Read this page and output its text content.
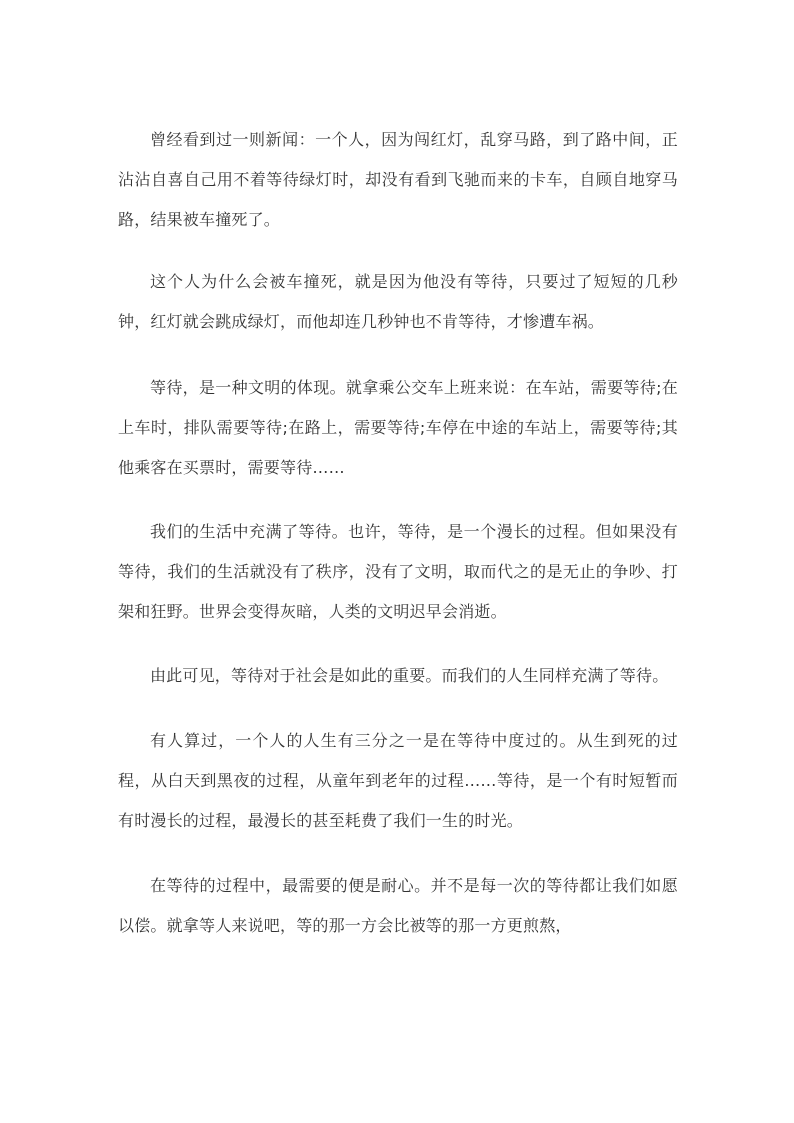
曾经看到过一则新闻：一个人，因为闯红灯，乱穿马路，到了路中间，正沾沾自喜自己用不着等待绿灯时，却没有看到飞驰而来的卡车，自顾自地穿马路，结果被车撞死了。

这个人为什么会被车撞死，就是因为他没有等待，只要过了短短的几秒钟，红灯就会跳成绿灯，而他却连几秒钟也不肯等待，才惨遭车祸。

等待，是一种文明的体现。就拿乘公交车上班来说：在车站，需要等待;在上车时，排队需要等待;在路上，需要等待;车停在中途的车站上，需要等待;其他乘客在买票时，需要等待……

我们的生活中充满了等待。也许，等待，是一个漫长的过程。但如果没有等待，我们的生活就没有了秩序，没有了文明，取而代之的是无止的争吵、打架和狂野。世界会变得灰暗，人类的文明迟早会消逝。

由此可见，等待对于社会是如此的重要。而我们的人生同样充满了等待。

有人算过，一个人的人生有三分之一是在等待中度过的。从生到死的过程，从白天到黑夜的过程，从童年到老年的过程……等待，是一个有时短暂而有时漫长的过程，最漫长的甚至耗费了我们一生的时光。

在等待的过程中，最需要的便是耐心。并不是每一次的等待都让我们如愿以偿。就拿等人来说吧，等的那一方会比被等的那一方更煎熬，
